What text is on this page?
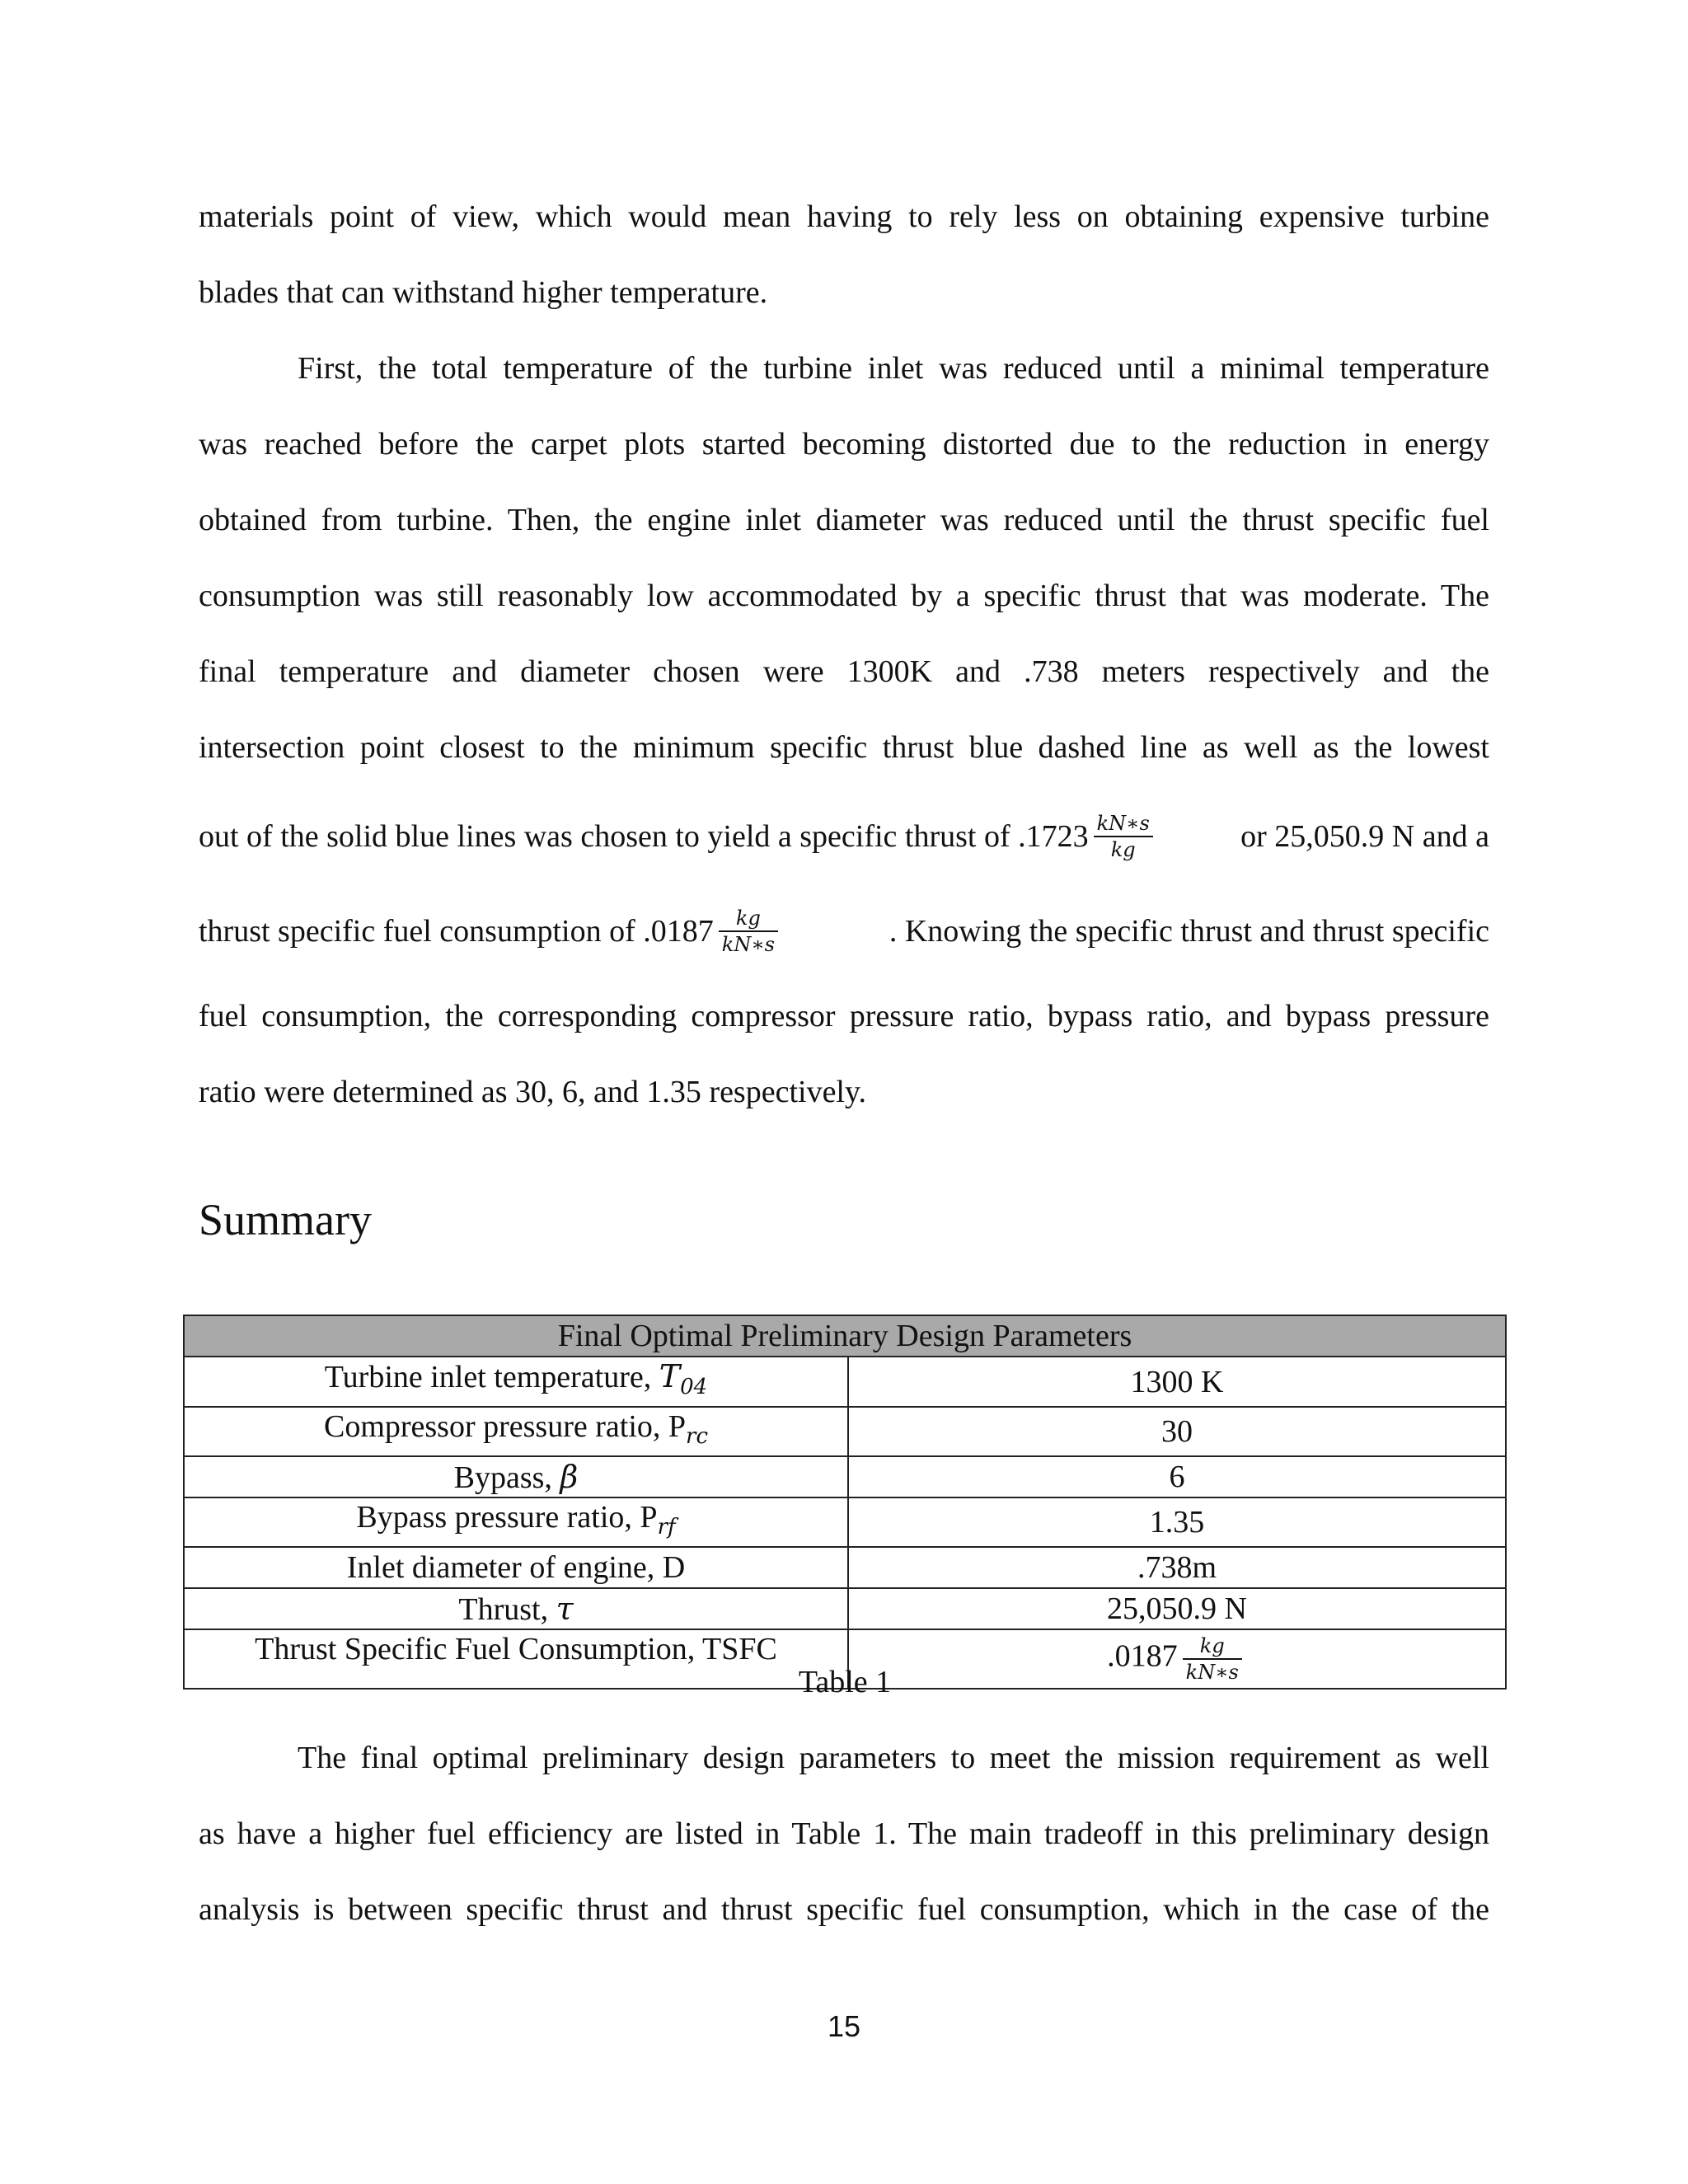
materials point of view, which would mean having to rely less on obtaining expensive turbine
blades that can withstand higher temperature.
First, the total temperature of the turbine inlet was reduced until a minimal temperature
was reached before the carpet plots started becoming distorted due to the reduction in energy
obtained from turbine. Then, the engine inlet diameter was reduced until the thrust specific fuel
consumption was still reasonably low accommodated by a specific thrust that was moderate. The
final temperature and diameter chosen were 1300K and .738 meters respectively and the
intersection point closest to the minimum specific thrust blue dashed line as well as the lowest
out of the solid blue lines was chosen to yield a specific thrust of $.1723 \frac{kN∗s}{kg}$	or 25,050.9 N and a
thrust specific fuel consumption of $.0187 \frac{kg}{kN∗s}$	. Knowing the specific thrust and thrust specific
fuel consumption, the corresponding compressor pressure ratio, bypass ratio, and bypass pressure
ratio were determined as 30, 6, and 1.35 respectively.
Summary
Final Optimal Preliminary Design Parameters	
Turbine inlet temperature, $T_{04}$	1300 K
Compressor pressure ratio, $P_{rc}$	30
Bypass, β	6
Bypass pressure ratio, $P_{rf}$	1.35
Inlet diameter of engine, D	.738m
Thrust, τ	25,050.9 N
Thrust Specific Fuel Consumption, TSFC	$.0187 \frac{kg}{kN∗s}$
Table 1
The final optimal preliminary design parameters to meet the mission requirement as well
as have a higher fuel efficiency are listed in Table 1. The main tradeoff in this preliminary design
analysis is between specific thrust and thrust specific fuel consumption, which in the case of the
15
